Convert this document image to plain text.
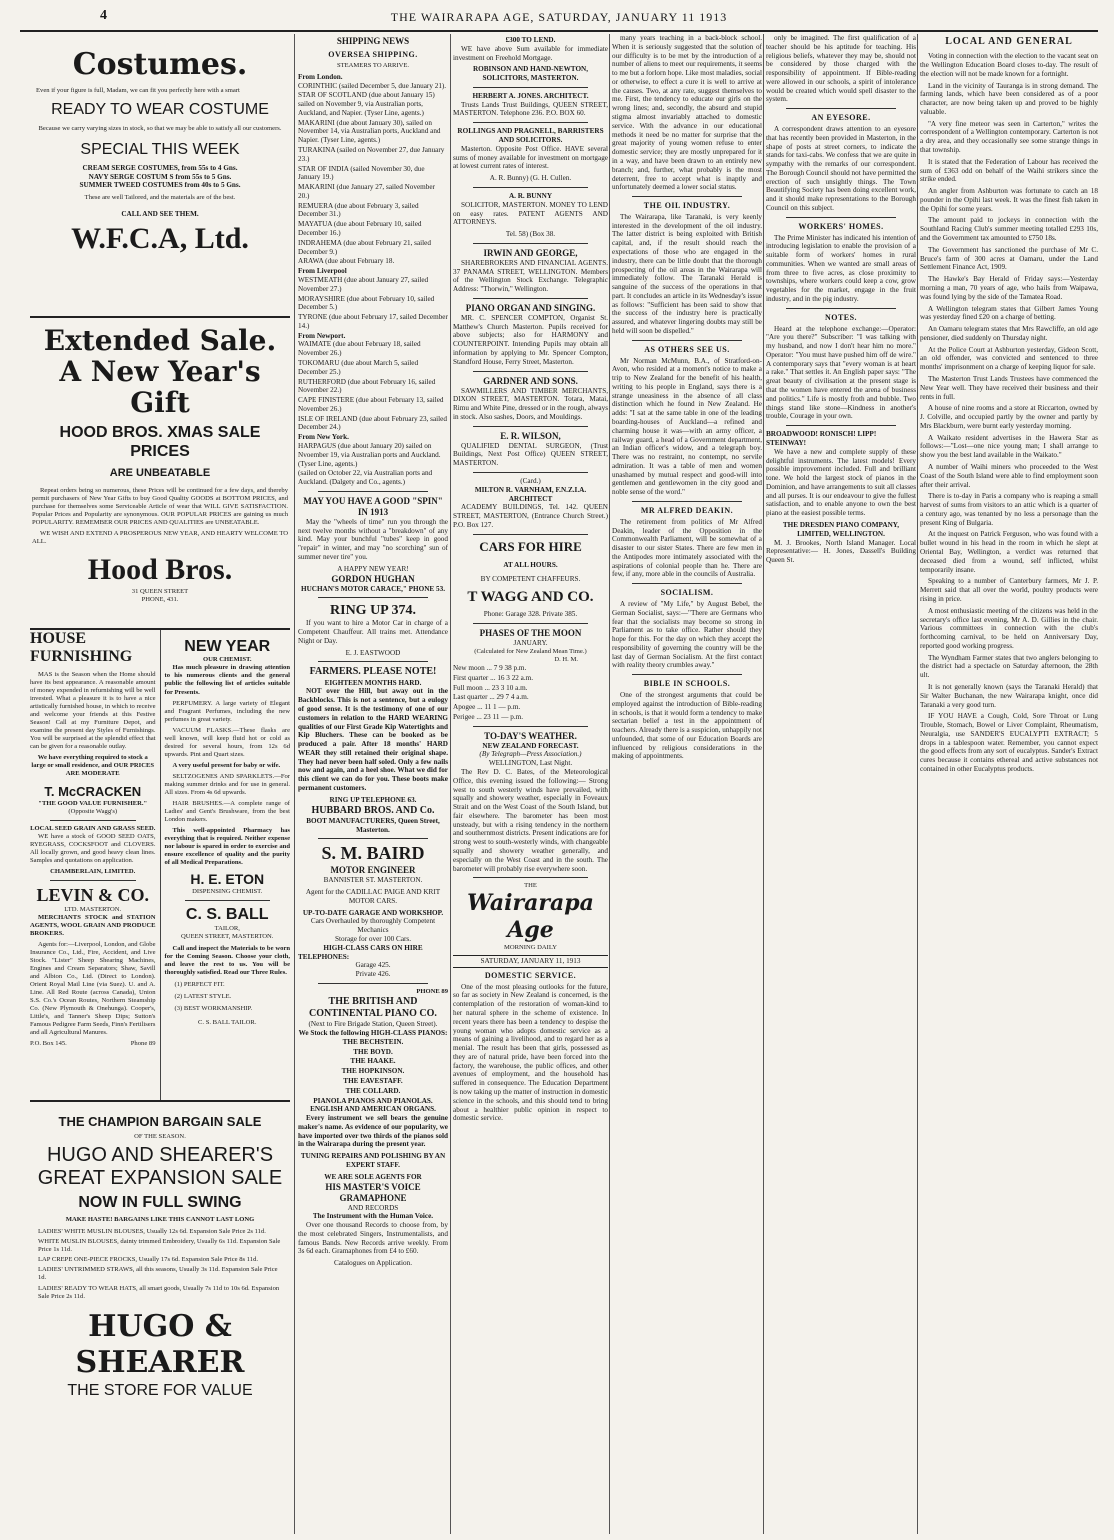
4	THE WAIRARAPA AGE, SATURDAY, JANUARY 11 1913
Costumes.
Even if your figure is full, Madam, we can fit you perfectly here with a smart
READY TO WEAR COSTUME
Because we carry varying sizes in stock, so that we may be able to satisfy all our customers.
SPECIAL THIS WEEK
CREAM SERGE COSTUMES, from 55s to 4 Gns.
NAVY SERGE COSTUM S from 55s to 5 Gns.
SUMMER TWEED COSTUMES from 40s to 5 Gns.
These are well Tailored, and the materials are of the best.
CALL AND SEE THEM.
W.F.C.A, Ltd.
Extended Sale.
A New Year's Gift
HOOD BROS. XMAS SALE
PRICES
ARE UNBEATABLE
Repeat orders being so numerous, these Prices will be continued for a few days, and thereby permit purchasers of New Year Gifts to buy Good Quality GOODS at BOTTOM PRICES, and purchase for themselves some Serviceable Article of wear that WILL GIVE SATISFACTION. Popular Prices and Popularity are synonymous. OUR POPULAR PRICES are gaining us much POPULARITY. REMEMBER OUR PRICES AND QUALITIES are UNBEATABLE.
WE WISH AND EXTEND A PROSPEROUS NEW YEAR, AND HEARTY WELCOME TO ALL.
Hood Bros.
31 QUEEN STREET
PHONE, 431.
HOUSE FURNISHING
MAS is the Season when the Home should have its best appearance. A reasonable amount of money expended in refurnishing will be well invested. What a pleasure it is to have a nice artistically furnished house, in which to receive and welcome your friends at this Festive Season! Call at my Furniture Depot, and examine the present day Styles of Furnishings. You will be surprised at the splendid effect that can be given for a reasonable outlay.
We have everything required to stock a large or small residence, and OUR PRICES ARE MODERATE
T. McCRACKEN
"THE GOOD VALUE FURNISHER."
(Opposite Wagg's)
LOCAL SEED GRAIN AND GRASS SEED.
WE have a stock of GOOD SEED OATS, RYEGRASS, COCKSFOOT and CLOVERS. All locally grown, and good heavy clean lines. Samples and quotations on application.
CHAMBERLAIN, LIMITED.
LEVIN & CO.
LTD. MASTERTON.
MERCHANTS STOCK and STATION AGENTS, WOOL GRAIN AND PRODUCE BROKERS.
Agents for:—Liverpool, London, and Globe Insurance Co., Ltd., Fire, Accident, and Live Stock. "Lister" Sheep Shearing Machines, Engines and Cream Separators; Shaw, Savill and Albion Co., Ltd. (Direct to London). Orient Royal Mail Line (via Suez). U. and A. Line. All Red Route (across Canada), Union S.S. Co.'s Ocean Routes, Northern Steamship Co. (New Plymouth & Onehunga). Cooper's, Little's, and Tanner's Sheep Dips; Sutton's Famous Pedigree Farm Seeds, Finn's Fertilisers and all Agricultural Manures.
P.O. Box 145.	Phone 89
NEW YEAR
OUR CHEMIST.
Has much pleasure in drawing attention to his numerous clients and the general public the following list of articles suitable for Presents.
PERFUMERY. A large variety of Elegant and Fragrant Perfumes, including the new perfumes in great variety.
VACUUM FLASKS.—These flasks are well known, will keep fluid hot or cold as desired for several hours, from 12s 6d upwards. Pint and Quart sizes.
A very useful present for baby or wife.
SELTZOGENES AND SPARKLETS.—For making summer drinks and for use in general. All sizes. From 4s 6d upwards.
HAIR BRUSHES.—A complete range of Ladies' and Gent's Brushware, from the best London makers.
This well-appointed Pharmacy has everything that is required. Neither expense nor labour is spared in order to exercise and ensure excellence of quality and the purity of all Medical Preparations.
H. E. ETON
DISPENSING CHEMIST.
C. S. BALL
TAILOR,
QUEEN STREET, MASTERTON.
Call and inspect the Materials to be worn for the Coming Season. Choose your cloth, and leave the rest to us. You will be thoroughly satisfied. Read our Three Rules.
(1) PERFECT FIT.
(2) LATEST STYLE.
(3) BEST WORKMANSHIP.
C. S. BALL TAILOR.
THE CHAMPION BARGAIN SALE
OF THE SEASON.
HUGO AND SHEARER'S
GREAT EXPANSION SALE
NOW IN FULL SWING
MAKE HASTE! BARGAINS LIKE THIS CANNOT LAST LONG
LADIES' WHITE MUSLIN BLOUSES, Usually 12s 6d. Expansion Sale Price 2s 11d.
WHITE MUSLIN BLOUSES, dainty trimmed Embroidery, Usually 6s 11d. Expansion Sale Price 1s 11d.
LAP CREPE ONE-PIECE FROCKS, Usually 17s 6d. Expansion Sale Price 8s 11d.
LADIES' UNTRIMMED STRAWS, all this seasons, Usually 3s 11d. Expansion Sale Price 1d.
LADIES' READY TO WEAR HATS, all smart goods, Usually 7s 11d to 10s 6d. Expansion Sale Price 2s 11d.
HUGO & SHEARER
THE STORE FOR VALUE
SHIPPING NEWS
OVERSEA SHIPPING.
STEAMERS TO ARRIVE.
From London.
CORINTHIC (sailed December 5, due January 21).
STAR OF SCOTLAND (due about January 15) sailed on November 9, via Australian ports, Auckland, and Napier. (Tyser Line, agents.)
MAKARINI (due about January 30), sailed on November 14, via Australian ports, Auckland and Napier. (Tyser Line, agents.)
TURAKINA (sailed on November 27, due January 23.)
STAR OF INDIA (sailed November 30, due January 19.)
MAKARINI (due January 27, sailed November 20.)
REMUERA (due about February 3, sailed December 31.)
MAYATUA (due about February 10, sailed December 16.)
INDRAHEMA (due about February 21, sailed December 9.)
ARAWA (due about February 18.
From Liverpool
WESTMEATH (due about January 27, sailed November 27.)
MORAYSHIRE (due about February 10, sailed December 5.)
TYRONE (due about February 17, sailed December 14.)
From Newport.
WAIMATE (due about February 18, sailed November 26.)
TOKOMARU (due about March 5, sailed December 25.)
RUTHERFORD (due about February 16, sailed November 22.)
CAPE FINISTERE (due about February 13, sailed November 26.)
ISLE OF IRELAND (due about February 23, sailed December 24.)
From New York.
HARPAGUS (due about January 20) sailed on Nvoember 19, via Australian ports and Auckland. (Tyser Line, agents.)
(sailed on October 22, via Australian ports and Auckland. (Dalgety and Co., agents.)
MAY YOU HAVE A GOOD "SPIN" IN 1913
May the "wheels of time" run you through the next twelve months without a "breakdown" of any kind. May your bunchful "tubes" keep in good "repair" in winter, and may "no scorching" sun of summer never tire" you.
A HAPPY NEW YEAR!
GORDON HUGHAN
HUCHAN'S MOTOR CARACE," PHONE 53.
RING UP 374.
If you want to hire a Motor Car in charge of a Competent Chauffeur. All trains met. Attendance Night or Day.
E. J. EASTWOOD
FARMERS. PLEASE NOTE!
EIGHTEEN MONTHS HARD.
NOT over the Hill, but away out in the Backblocks. This is not a sentence, but a eulogy of good sense. It is the testimony of one of our customers in relation to the HARD WEARING qualities of our First Grade Kip Watertights and Kip Bluchers. These can be booked as be produced a pair. After 18 months' HARD WEAR they still retained their original shape. They had never been half soled. Only a few nails now and again, and a heel shoe. What we did for this client we can do for you. These boots make permanent customers.
RING UP TELEPHONE 63.
HUBBARD BROS. AND Co.
BOOT MANUFACTURERS, Queen Street, Masterton.
S. M. BAIRD
MOTOR ENGINEER
BANNISTER ST. MASTERTON.
Agent for the CADILLAC PAIGE AND KRIT MOTOR CARS.
UP-TO-DATE GARAGE AND WORKSHOP.
Cars Overhauled by thoroughly Competent Mechanics
Storage for over 100 Cars.
HIGH-CLASS CARS ON HIRE
TELEPHONES:
Garage 425.
Private 426.
PHONE 89
THE BRITISH AND CONTINENTAL PIANO CO.
(Next to Fire Brigade Station, Queen Street).
We Stock the following HIGH-CLASS PIANOS:
THE BECHSTEIN.
THE BOYD.
THE HAAKE.
THE HOPKINSON.
THE EAVESTAFF.
THE COLLARD.
PIANOLA PIANOS AND PIANOLAS.
ENGLISH AND AMERICAN ORGANS.
Every instrument we sell bears the genuine maker's name. As evidence of our popularity, we have imported over two thirds of the pianos sold in the Wairarapa during the present year.
TUNING REPAIRS AND POLISHING BY AN EXPERT STAFF.
WE ARE SOLE AGENTS FOR
HIS MASTER'S VOICE
GRAMAPHONE
AND RECORDS
The Instrument with the Human Voice.
Over one thousand Records to choose from, by the most celebrated Singers, Instrumentalists, and famous Bands. New Records arrive weekly. From 3s 6d each. Gramaphones from £4 to £60.
Catalogues on Application.
£300 TO LEND.
WE have above Sum available for immediate investment on Freehold Mortgage.
ROBINSON AND HAND-NEWTON, SOLICITORS, MASTERTON.
HERBERT A. JONES. ARCHITECT.
Trusts Lands Trust Buildings, QUEEN STREET, MASTERTON. Telephone 236. P.O. BOX 60.
ROLLINGS AND PRAGNELL, BARRISTERS AND SOLICITORS.
Masterton. Opposite Post Office. HAVE several sums of money available for investment on mortgage at lowest current rates of interest.
A. R. Bunny) (G. H. Cullen.
A. R. BUNNY
SOLICITOR, MASTERTON. MONEY TO LEND on easy rates. PATENT AGENTS AND ATTORNEYS.
Tel. 58) (Box 38.
IRWIN AND GEORGE,
SHAREBROKERS AND FINANCIAL AGENTS. 37 PANAMA STREET, WELLINGTON. Members of the Wellington Stock Exchange. Telegraphic Address: "Thorwin," Wellington.
PIANO ORGAN AND SINGING.
MR. C. SPENCER COMPTON, Organist St. Matthew's Church Masterton. Pupils received for above subjects; also for HARMONY and COUNTERPOINT. Intending Pupils may obtain all information by applying to Mr. Spencer Compton, Standford House, Ferry Street, Masterton.
GARDNER AND SONS.
SAWMILLERS AND TIMBER MERCHANTS, DIXON STREET, MASTERTON. Totara, Matai, Rimu and White Pine, dressed or in the rough, always in stock. Also sashes, Doors, and Mouldings.
E. R. WILSON,
QUALIFIED DENTAL SURGEON, (Trust Buildings, Next Post Office) QUEEN STREET, MASTERTON.
(Card.)
MILTON R. VARNHAM, F.N.Z.I.A.
ARCHITECT
ACADEMY BUILDINGS, Tel. 142. QUEEN STREET, MASTERTON, (Entrance Church Street.) P.O. Box 127.
CARS FOR HIRE
AT ALL HOURS.
BY COMPETENT CHAFFEURS.
T WAGG AND CO.
Phone: Garage 328. Private 385.
PHASES OF THE MOON
JANUARY.
(Calculated for New Zealand Mean Time.)
D. H. M.
New moon ... 7 9 38 p.m.
First quarter ... 16 3 22 a.m.
Full moon ... 23 3 10 a.m.
Last quarter ... 29 7 4 a.m.
Apogee ... 11 1 — p.m.
Perigee ... 23 11 — p.m.
TO-DAY'S WEATHER.
NEW ZEALAND FORECAST.
(By Telegraph—Press Association.)
WELLINGTON, Last Night.
The Rev D. C. Bates, of the Meteorological Office, this evening issued the following:— Strong west to south westerly winds have prevailed, with squally and showery weather, especially in Foveaux Strait and on the West Coast of the South Island, but fair elsewhere. The barometer has been most unsteady, but with a rising tendency in the northern and southernmost districts. Present indications are for strong west to south-westerly winds, with changeable squally and showery weather generally, and especially on the West Coast and in the south. The barometer will probably rise everywhere soon.
THE
Wairarapa Age
MORNING DAILY
SATURDAY, JANUARY 11, 1913
DOMESTIC SERVICE.
One of the most pleasing outlooks for the future, so far as society in New Zealand is concerned, is the contemplation of the restoration of woman-kind to her natural sphere in the scheme of existence. In recent years there has been a tendency to despise the young woman who adopts domestic service as a means of gaining a livelihood, and to regard her as a menial. The result has been that girls, possessed as they are of natural pride, have been forced into the factory, the warehouse, the public offices, and other avenues of employment, and the household has suffered in consequence. The Education Department is now taking up the matter of instruction in domestic science in the schools, and this should tend to bring about a healthier public opinion in respect to domestic service.
many years teaching in a back-block school. When it is seriously suggested that the solution of our difficulty is to be met by the introduction of a number of aliens to meet our requirements, it seems to me but a forlorn hope. Like most maladies, social or otherwise, to effect a cure it is well to arrive at the causes. Two, at any rate, suggest themselves to me. First, the tendency to educate our girls on the wrong lines; and, secondly, the absurd and stupid stigma almost invariably attached to domestic service. With the advance in our educational methods it need be no matter for surprise that the great majority of young women refuse to enter domestic service; they are mostly unprepared for it in a way, and have been drawn to an entirely new branch; and, further, what probably is the most deterrent, free to accept what is inaptly and unfortunately deemed a lower social status.
THE OIL INDUSTRY.
The Wairarapa, like Taranaki, is very keenly interested in the development of the oil industry. The latter district is being exploited with British capital, and, if the result should reach the expectations of those who are engaged in the industry, there can be little doubt that the thorough prospecting of the oil areas in the Wairarapa will immediately follow. The Taranaki Herald is sanguine of the success of the operations in that part. It concludes an article in its Wednesday's issue as follows: "Sufficient has been said to show that the success of the industry here is practically assured, and whatever lingering doubts may still be held will soon be dispelled."
AS OTHERS SEE US.
Mr Norman McMunn, B.A., of Stratford-on-Avon, who resided at a moment's notice to make a trip to New Zealand for the benefit of his health, writing to his people in England, says there is a strange uneasiness in the absence of all class distinction which he found in New Zealand. He adds: "I sat at the same table in one of the leading boarding-houses of Auckland—a refined and charming house it was—with an army officer, a railway guard, a head of a Government department, an Indian officer's widow, and a telegraph boy. There was no restraint, no contempt, no servile admiration. It was a table of men and women unashamed by mutual respect and good-will into gentlemen and gentlewomen in the city good and noble sense of the word."
MR ALFRED DEAKIN.
The retirement from politics of Mr Alfred Deakin, leader of the Opposition in the Commonwealth Parliament, will be somewhat of a disaster to our sister States. There are few men in the Antipodes more intimately associated with the aspirations of colonial people than he. There are few, if any, more able in the councils of Australia.
SOCIALISM.
A review of "My Life," by August Bebel, the German Socialist, says:—"There are Germans who fear that the socialists may become so strong in Parliament as to take office. Rather should they hope for this. For the day on which they accept the responsibility of governing the country will be the last day of German Socialism. At the first contact with reality theory crumbles away."
BIBLE IN SCHOOLS.
One of the strongest arguments that could be employed against the introduction of Bible-reading in schools, is that it would form a tendency to make sectarian belief a test in the appointment of teachers. Already there is a suspicion, unhappily not unfounded, that some of our Education Boards are influenced by religious considerations in the making of appointments.
only be imagined. The first qualification of a teacher should be his aptitude for teaching. His religious beliefs, whatever they may be, should not be considered by those charged with the responsibility of appointment. If Bible-reading were allowed in our schools, a spirit of intolerance would be created which would spell disaster to the system.
AN EYESORE.
A correspondent draws attention to an eyesore that has recently been provided in Masterton, in the shape of posts at street corners, to indicate the stands for taxi-cabs. We confess that we are quite in sympathy with the remarks of our correspondent. The Borough Council should not have permitted the erection of such unsightly things. The Town Beautifying Society has been doing excellent work, and it should make representations to the Borough Council on this subject.
WORKERS' HOMES.
The Prime Minister has indicated his intention of introducing legislation to enable the provision of a suitable form of workers' homes in rural communities. When we wanted are small areas of from three to five acres, as close proximity to townships, where workers could keep a cow, grow vegetables for the market, engage in the fruit industry, and in the pig industry.
NOTES.
Heard at the telephone exchange:—Operator: "Are you there?" Subscriber: "I was talking with my husband, and now I don't hear him no more." Operator: "You must have pushed him off de wire." A contemporary says that "every woman is at heart a rake." That settles it. An English paper says: "The great beauty of civilisation at the present stage is that the women have entered the arena of business and politics." Life is mostly froth and bubble. Two things stand like stone—Kindness in another's trouble, Courage in your own.
BROADWOOD! RONISCH! LIPP! STEINWAY!
We have a new and complete supply of these delightful instruments. The latest models! Every possible improvement included. Full and brilliant tone. We hold the largest stock of pianos in the Dominion, and have arrangements to suit all classes and all purses. It is our endeavour to give the fullest satisfaction, and to enable anyone to own the best piano at the easiest possible terms.
THE DRESDEN PIANO COMPANY, LIMITED, WELLINGTON.
M. J. Brookes, North Island Manager. Local Representative:— H. Jones, Dassell's Building Queen St.
LOCAL AND GENERAL
Voting in connection with the election to the vacant seat on the Wellington Education Board closes to-day. The result of the election will not be made known for a fortnight.
Land in the vicinity of Tauranga is in strong demand. The farming lands, which have been considered as of a poor character, are now being taken up and proved to be highly valuable.
"A very fine meteor was seen in Carterton," writes the correspondent of a Wellington contemporary. Carterton is not a dry area, and they occasionally see some strange things in that township.
It is stated that the Federation of Labour has received the sum of £363 odd on behalf of the Waihi strikers since the strike ended.
An angler from Ashburton was fortunate to catch an 18 pounder in the Opihi last week. It was the finest fish taken in the Opihi for some years.
The amount paid to jockeys in connection with the Southland Racing Club's summer meeting totalled £293 10s, and the Government tax amounted to £750 18s.
The Government has sanctioned the purchase of Mr C. Bruce's farm of 300 acres at Oamaru, under the Land Settlement Finance Act, 1909.
The Hawke's Bay Herald of Friday says:—Yesterday morning a man, 70 years of age, who hails from Waipawa, was found lying by the side of the Tamatea Road.
A Wellington telegram states that Gilbert James Young was yesterday fined £20 on a charge of betting.
An Oamaru telegram states that Mrs Rawcliffe, an old age pensioner, died suddenly on Thursday night.
At the Police Court at Ashburton yesterday, Gideon Scott, an old offender, was convicted and sentenced to three months' imprisonment on a charge of keeping liquor for sale.
The Masterton Trust Lands Trustees have commenced the New Year well. They have received their business and their rents in full.
A house of nine rooms and a store at Riccarton, owned by J. Colville, and occupied partly by the owner and partly by Mrs Blackburn, were burnt early yesterday morning.
A Waikato resident advertises in the Hawera Star as follows:—"Lost—one nice young man; I shall arrange to show you the best land available in the Waikato."
A number of Waihi miners who proceeded to the West Coast of the South Island were able to find employment soon after their arrival.
There is to-day in Paris a company who is reaping a small harvest of sums from visitors to an attic which is a quarter of a century ago, was tenanted by no less a personage than the present King of Bulgaria.
At the inquest on Patrick Ferguson, who was found with a bullet wound in his head in the room in which he slept at Oriental Bay, Wellington, a verdict was returned that deceased died from a wound, self inflicted, whilst temporarily insane.
Speaking to a number of Canterbury farmers, Mr J. P. Merrett said that all over the world, poultry products were rising in price.
A most enthusiastic meeting of the citizens was held in the secretary's office last evening, Mr A. D. Gillies in the chair. Various committees in connection with the club's forthcoming carnival, to be held on Anniversary Day, reported good working progress.
The Wyndham Farmer states that two anglers belonging to the district had a spectacle on Saturday afternoon, the 28th ult.
It is not generally known (says the Taranaki Herald) that Sir Walter Buchanan, the new Wairarapa knight, once did Taranaki a very good turn.
IF YOU HAVE a Cough, Cold, Sore Throat or Lung Trouble, Stomach, Bowel or Liver Complaint, Rheumatism, Neuralgia, use SANDER'S EUCALYPTI EXTRACT; 5 drops in a tablespoon water. Remember, you cannot expect the good effects from any sort of eucalyptus. Sander's Extract cures because it contains ethereal and active substances not contained in other Eucalyptus products.
